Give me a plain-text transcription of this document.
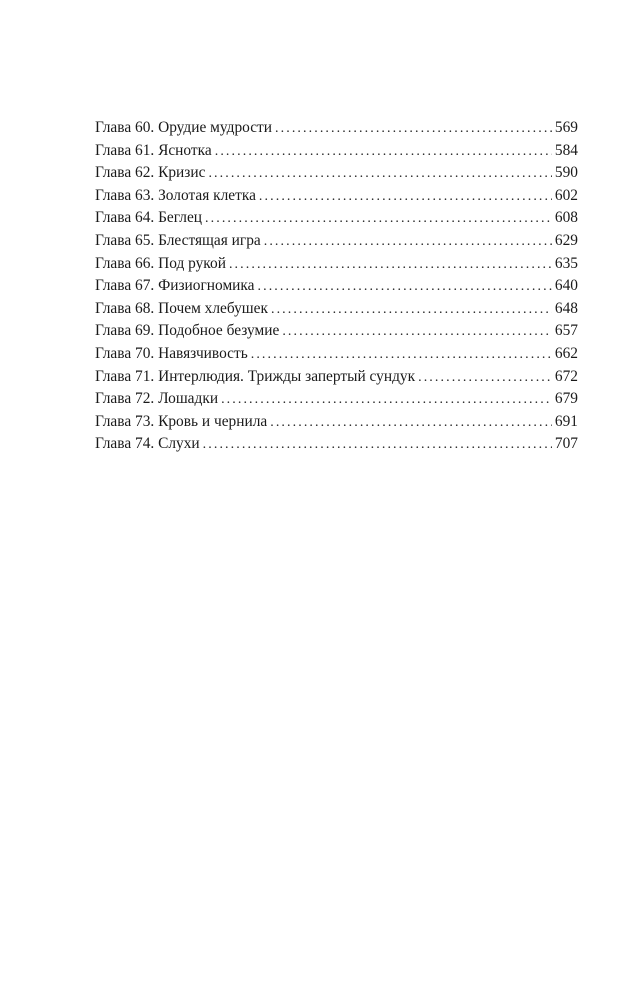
Глава 60. Орудие мудрости .....	569
Глава 61. Яснотка .....	584
Глава 62. Кризис .....	590
Глава 63. Золотая клетка .....	602
Глава 64. Беглец .....	608
Глава 65. Блестящая игра .....	629
Глава 66. Под рукой .....	635
Глава 67. Физиогномика .....	640
Глава 68. Почем хлебушек .....	648
Глава 69. Подобное безумие .....	657
Глава 70. Навязчивость .....	662
Глава 71. Интерлюдия. Трижды запертый сундук .....	672
Глава 72. Лошадки .....	679
Глава 73. Кровь и чернила .....	691
Глава 74. Слухи .....	707
